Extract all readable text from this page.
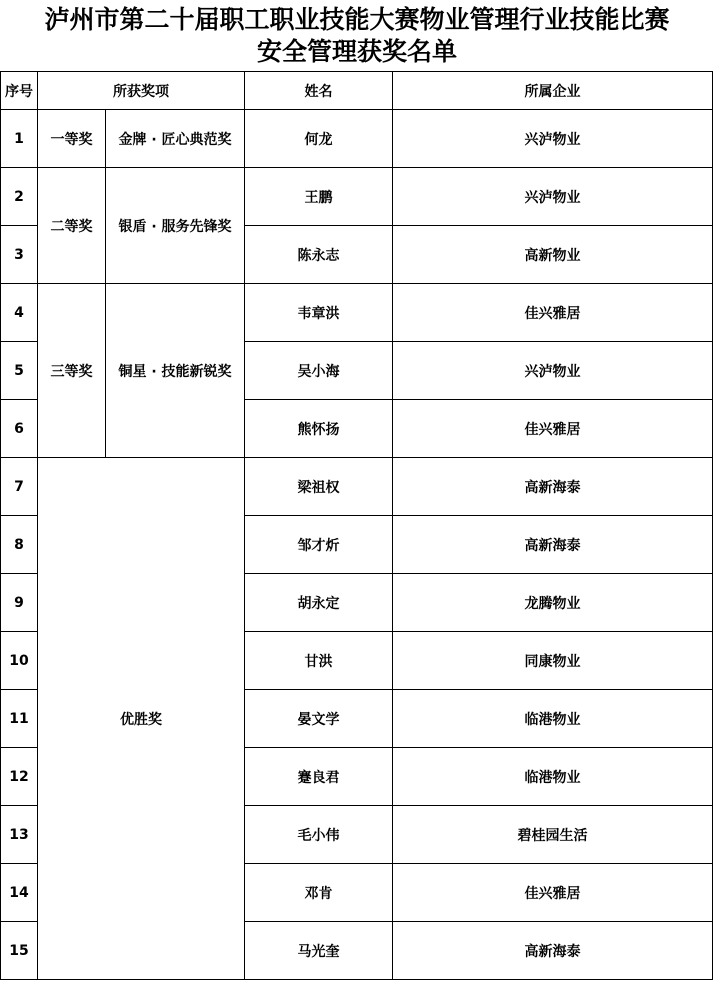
泸州市第二十届职工职业技能大赛物业管理行业技能比赛
安全管理获奖名单
序号	所获奖项		姓名	所属企业
1	一等奖	金牌 · 匠心典范奖	何龙	兴泸物业
2	二等奖	银盾 · 服务先锋奖	王鹏	兴泸物业
3			陈永志	高新物业
4	三等奖	铜星 · 技能新锐奖	韦章洪	佳兴雅居
5			吴小海	兴泸物业
6			熊怀扬	佳兴雅居
7	优胜奖		梁祖权	高新海泰
8			邹才炘	高新海泰
9			胡永定	龙腾物业
10			甘洪	同康物业
11			晏文学	临港物业
12			蹇良君	临港物业
13			毛小伟	碧桂园生活
14			邓肯	佳兴雅居
15			马光奎	高新海泰
